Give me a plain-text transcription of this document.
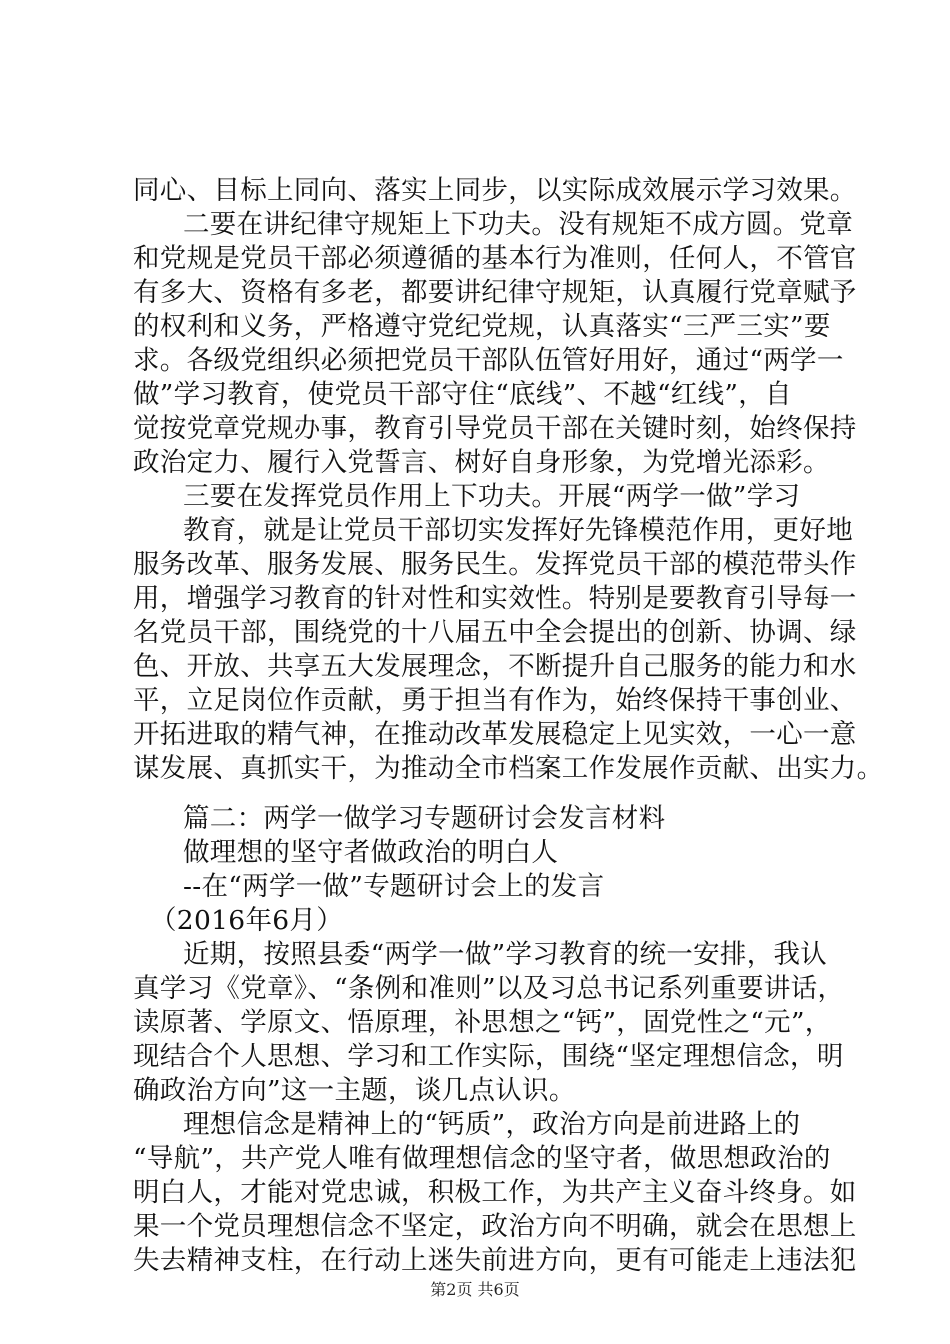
同心、目标上同向、落实上同步，以实际成效展示学习效果。
二要在讲纪律守规矩上下功夫。没有规矩不成方圆。党章
和党规是党员干部必须遵循的基本行为准则，任何人，不管官
有多大、资格有多老，都要讲纪律守规矩，认真履行党章赋予
的权利和义务，严格遵守党纪党规，认真落实“三严三实”要
求。各级党组织必须把党员干部队伍管好用好，通过“两学一
做”学习教育，使党员干部守住“底线”、不越“红线”，自
觉按党章党规办事，教育引导党员干部在关键时刻，始终保持
政治定力、履行入党誓言、树好自身形象，为党增光添彩。
三要在发挥党员作用上下功夫。开展“两学一做”学习
教育，就是让党员干部切实发挥好先锋模范作用，更好地
服务改革、服务发展、服务民生。发挥党员干部的模范带头作
用，增强学习教育的针对性和实效性。特别是要教育引导每一
名党员干部，围绕党的十八届五中全会提出的创新、协调、绿
色、开放、共享五大发展理念，不断提升自己服务的能力和水
平，立足岗位作贡献，勇于担当有作为，始终保持干事创业、
开拓进取的精气神，在推动改革发展稳定上见实效，一心一意
谋发展、真抓实干，为推动全市档案工作发展作贡献、出实力。
篇二：两学一做学习专题研讨会发言材料
做理想的坚守者做政治的明白人
--在“两学一做”专题研讨会上的发言
（2016年6月）
近期，按照县委“两学一做”学习教育的统一安排，我认
真学习《党章》、“条例和准则”以及习总书记系列重要讲话，
读原著、学原文、悟原理，补思想之“钙”，固党性之“元”，
现结合个人思想、学习和工作实际，围绕“坚定理想信念，明
确政治方向”这一主题，谈几点认识。
理想信念是精神上的“钙质”，政治方向是前进路上的
“导航”，共产党人唯有做理想信念的坚守者，做思想政治的
明白人，才能对党忠诚，积极工作，为共产主义奋斗终身。如
果一个党员理想信念不坚定，政治方向不明确，就会在思想上
失去精神支柱，在行动上迷失前进方向，更有可能走上违法犯
第2页 共6页
